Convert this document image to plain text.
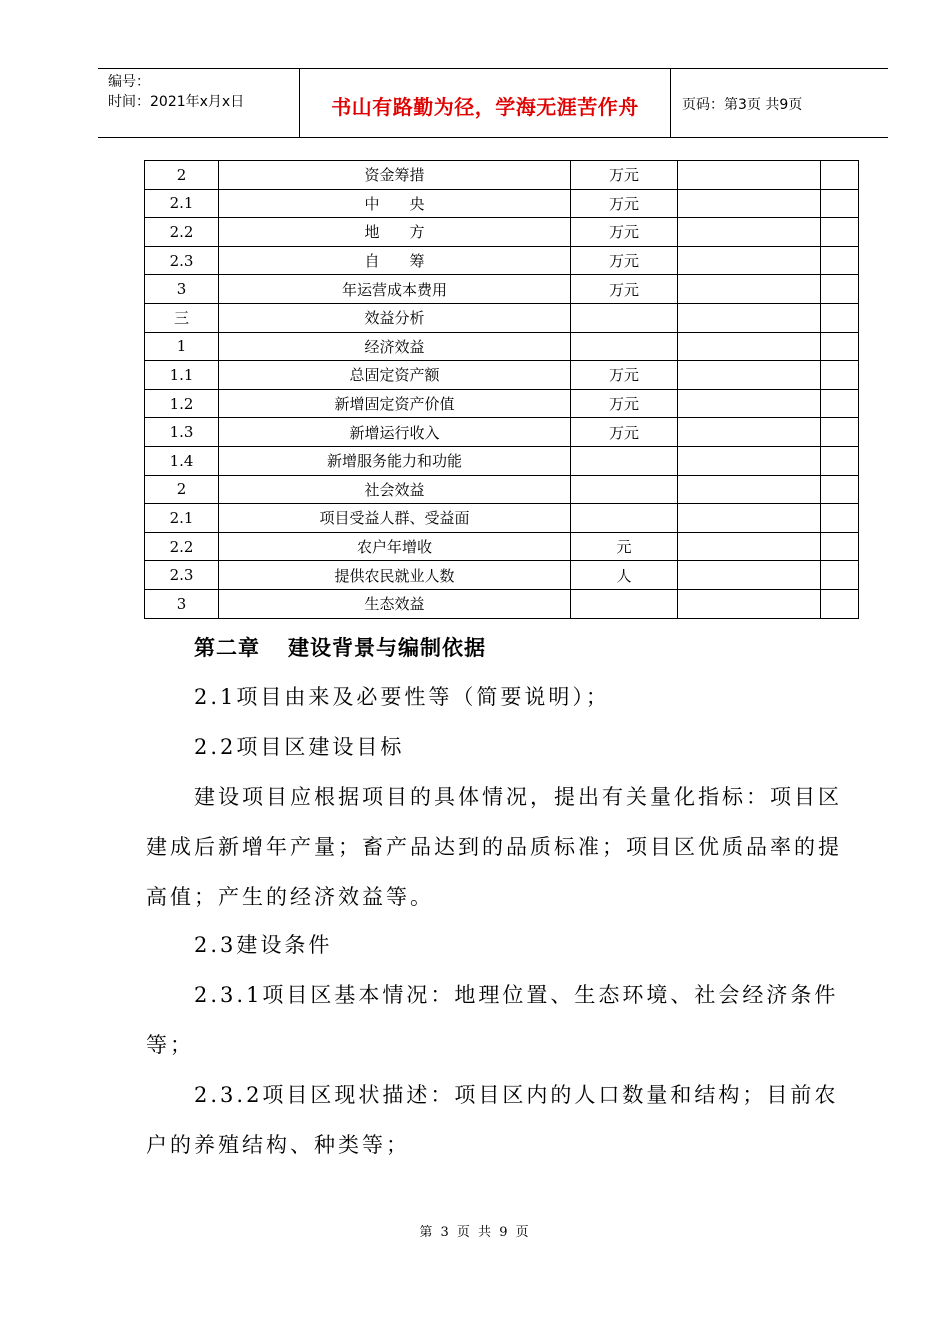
编号：
时间：2021年x月x日	书山有路勤为径，学海无涯苦作舟	页码：第3页 共9页
2	资金筹措	万元		
2.1	中　　央	万元		
2.2	地　　方	万元		
2.3	自　　筹	万元		
3	年运营成本费用	万元		
三	效益分析			
1	经济效益			
1.1	总固定资产额	万元		
1.2	新增固定资产价值	万元		
1.3	新增运行收入	万元		
1.4	新增服务能力和功能			
2	社会效益			
2.1	项目受益人群、受益面			
2.2	农户年增收	元		
2.3	提供农民就业人数	人		
3	生态效益			
第二章 建设背景与编制依据
2.1项目由来及必要性等（简要说明）；
2.2项目区建设目标
建设项目应根据项目的具体情况，提出有关量化指标：项目区建成后新增年产量；畜产品达到的品质标准；项目区优质品率的提高值；产生的经济效益等。
2.3建设条件
2.3.1项目区基本情况：地理位置、生态环境、社会经济条件等；
2.3.2项目区现状描述：项目区内的人口数量和结构；目前农户的养殖结构、种类等；
第 3 页 共 9 页
